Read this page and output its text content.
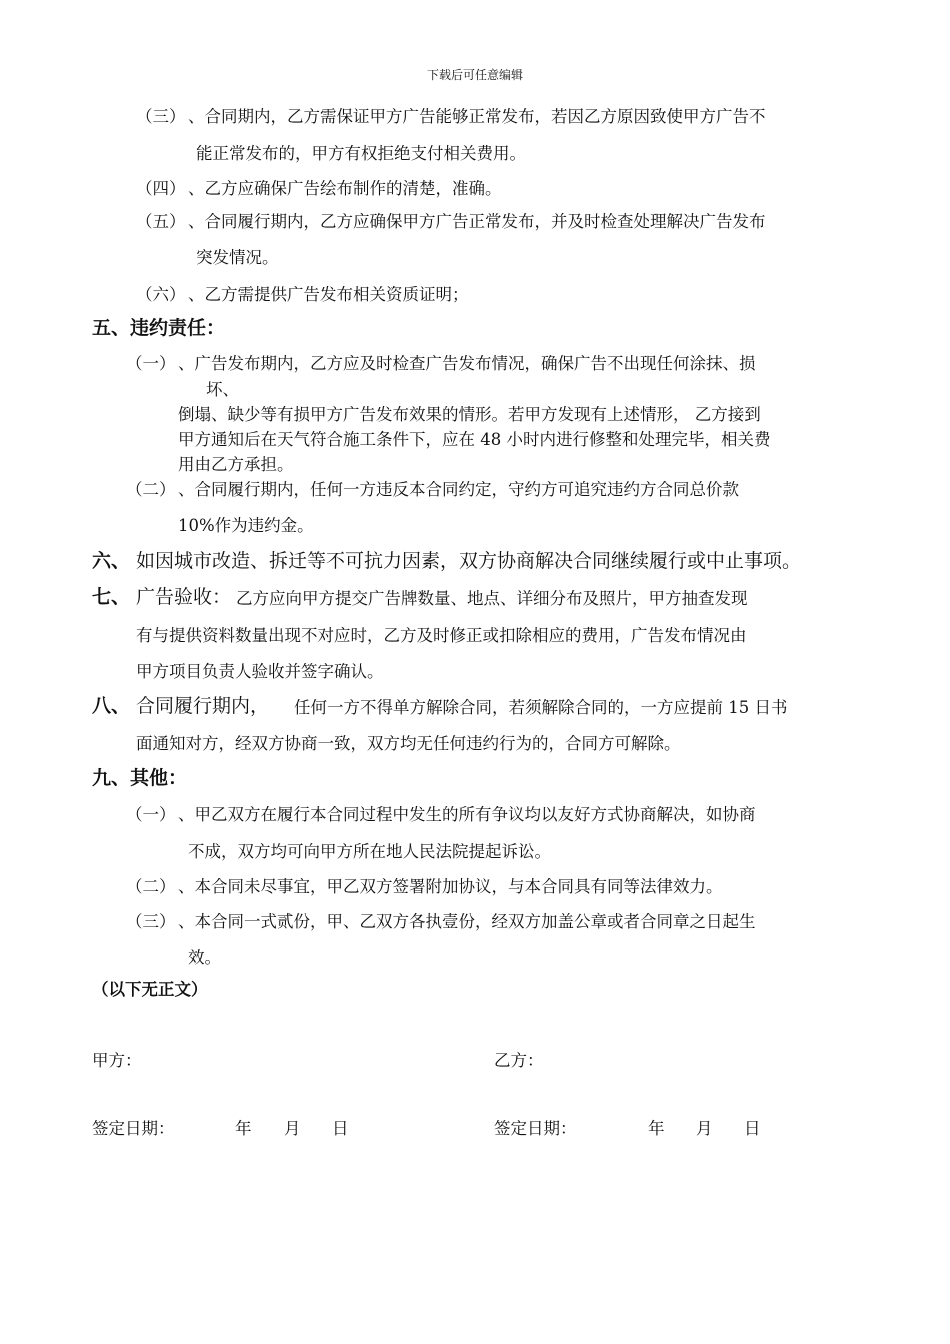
下载后可任意编辑
（三） 、合同期内，乙方需保证甲方广告能够正常发布，若因乙方原因致使甲方广告不
能正常发布的，甲方有权拒绝支付相关费用。
（四） 、乙方应确保广告绘布制作的清楚，准确。
（五） 、合同履行期内，乙方应确保甲方广告正常发布，并及时检查处理解决广告发布
突发情况。
（六） 、乙方需提供广告发布相关资质证明；
五、违约责任：
（一） 、广告发布期内，乙方应及时检查广告发布情况，确保广告不出现任何涂抹、损
坏、
倒塌、缺少等有损甲方广告发布效果的情形。若甲方发现有上述情形， 乙方接到
甲方通知后在天气符合施工条件下，应在 48 小时内进行修整和处理完毕，相关费
用由乙方承担。
（二） 、合同履行期内，任何一方违反本合同约定，守约方可追究违约方合同总价款
10%作为违约金。
六、 如因城市改造、拆迁等不可抗力因素，双方协商解决合同继续履行或中止事项。
七、 广告验收： 乙方应向甲方提交广告牌数量、地点、详细分布及照片，甲方抽查发现
有与提供资料数量出现不对应时，乙方及时修正或扣除相应的费用，广告发布情况由
甲方项目负责人验收并签字确认。
八、 合同履行期内， 任何一方不得单方解除合同，若须解除合同的，一方应提前 15 日书
面通知对方，经双方协商一致，双方均无任何违约行为的，合同方可解除。
九、其他：
（一） 、甲乙双方在履行本合同过程中发生的所有争议均以友好方式协商解决，如协商
不成，双方均可向甲方所在地人民法院提起诉讼。
（二） 、本合同未尽事宜，甲乙双方签署附加协议，与本合同具有同等法律效力。
（三） 、本合同一式贰份，甲、乙双方各执壹份，经双方加盖公章或者合同章之日起生
效。
（以下无正文）
甲方：	乙方：
签定日期：	年 月 日	签定日期：	年 月 日
